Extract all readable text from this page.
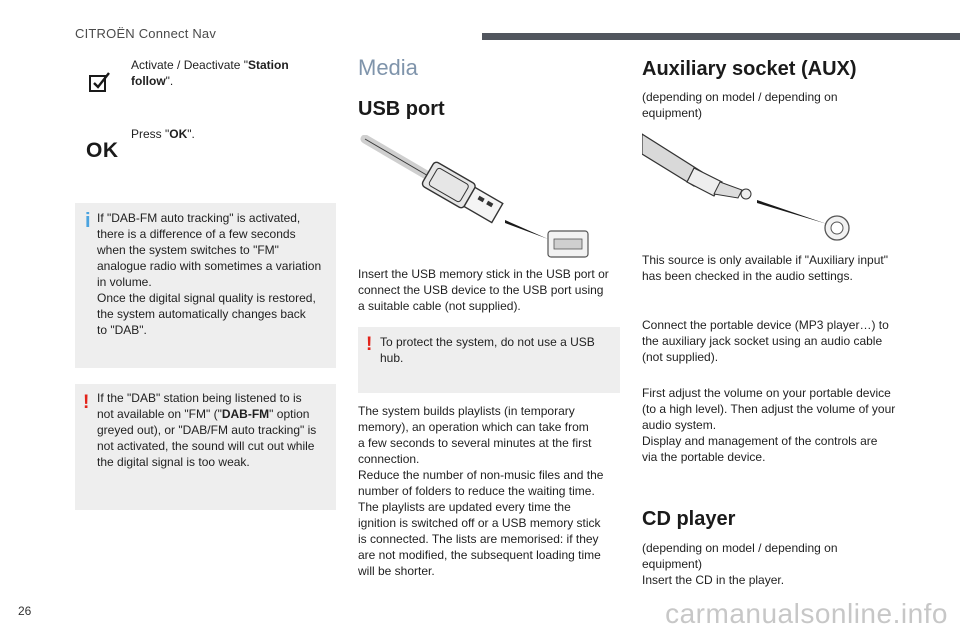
CITROËN Connect Nav
Activate / Deactivate "Station follow".
OK
Press "OK".
i If "DAB-FM auto tracking" is activated,
there is a difference of a few seconds
when the system switches to "FM"
analogue radio with sometimes a variation
in volume.
Once the digital signal quality is restored,
the system automatically changes back
to "DAB".
! If the "DAB" station being listened to is
not available on "FM" ("DAB-FM" option
greyed out), or "DAB/FM auto tracking" is
not activated, the sound will cut out while
the digital signal is too weak.
Media
USB port
Insert the USB memory stick in the USB port or
connect the USB device to the USB port using
a suitable cable (not supplied).
! To protect the system, do not use a USB
hub.
The system builds playlists (in temporary
memory), an operation which can take from
a few seconds to several minutes at the first
connection.
Reduce the number of non-music files and the
number of folders to reduce the waiting time.
The playlists are updated every time the
ignition is switched off or a USB memory stick
is connected. The lists are memorised: if they
are not modified, the subsequent loading time
will be shorter.
Auxiliary socket (AUX)
(depending on model / depending on
equipment)
This source is only available if "Auxiliary input"
has been checked in the audio settings.
Connect the portable device (MP3 player…) to
the auxiliary jack socket using an audio cable
(not supplied).
First adjust the volume on your portable device
(to a high level). Then adjust the volume of your
audio system.
Display and management of the controls are
via the portable device.
CD player
(depending on model / depending on
equipment)
Insert the CD in the player.
26	carmanualsonline.info
